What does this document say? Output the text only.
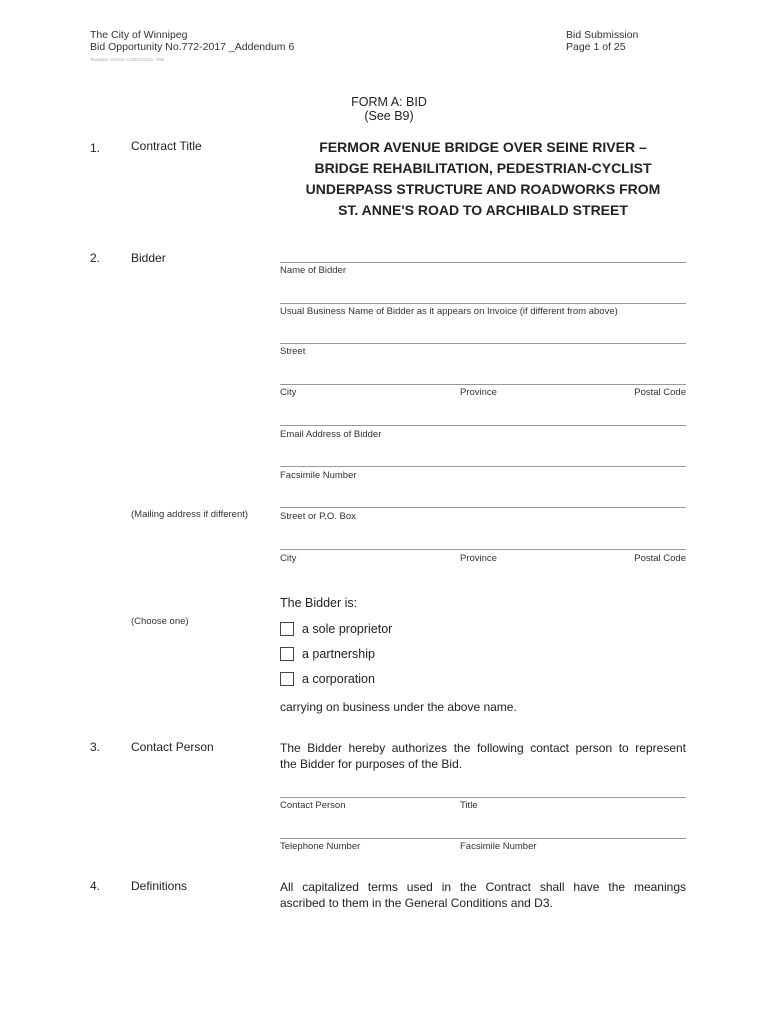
The City of Winnipeg
Bid Opportunity No.772-2017 _Addendum 6
Template Version: C420171215 - RW
Bid Submission
Page 1 of 25
FORM A: BID
(See B9)
1.	Contract Title	FERMOR AVENUE BRIDGE OVER SEINE RIVER –
BRIDGE REHABILITATION, PEDESTRIAN-CYCLIST
UNDERPASS STRUCTURE AND ROADWORKS FROM
ST. ANNE'S ROAD TO ARCHIBALD STREET
2.	Bidder
Name of Bidder
Usual Business Name of Bidder as it appears on Invoice (if different from above)
Street
City	Province	Postal Code
Email Address of Bidder
Facsimile Number
(Mailing address if different)	Street or P.O. Box
City	Province	Postal Code
The Bidder is:
(Choose one)
a sole proprietor
a partnership
a corporation
carrying on business under the above name.
3.	Contact Person	The Bidder hereby authorizes the following contact person to represent
the Bidder for purposes of the Bid.
Contact Person	Title
Telephone Number	Facsimile Number
4.	Definitions	All capitalized terms used in the Contract shall have the meanings
ascribed to them in the General Conditions and D3.
